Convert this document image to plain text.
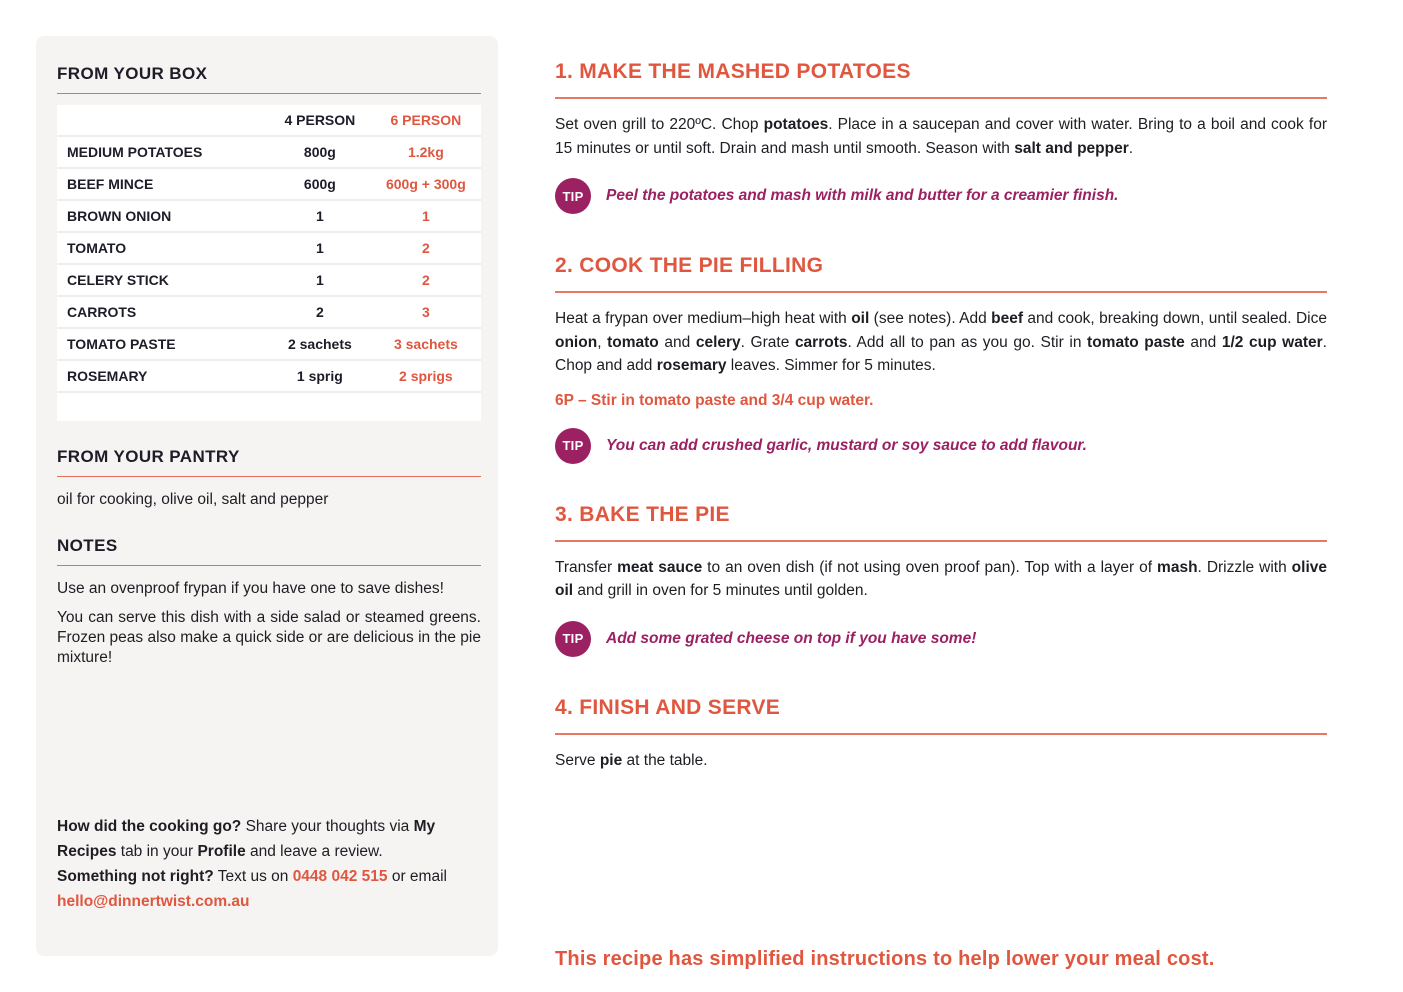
FROM YOUR BOX
	4 PERSON	6 PERSON
MEDIUM POTATOES	800g	1.2kg
BEEF MINCE	600g	600g + 300g
BROWN ONION	1	1
TOMATO	1	2
CELERY STICK	1	2
CARROTS	2	3
TOMATO PASTE	2 sachets	3 sachets
ROSEMARY	1 sprig	2 sprigs
FROM YOUR PANTRY

oil for cooking, olive oil, salt and pepper

NOTES

Use an ovenproof frypan if you have one to save dishes!

You can serve this dish with a side salad or steamed greens. Frozen peas also make a quick side or are delicious in the pie mixture!

How did the cooking go? Share your thoughts via My Recipes tab in your Profile and leave a review.

Something not right? Text us on 0448 042 515 or email hello@dinnertwist.com.au

1. MAKE THE MASHED POTATOES

Set oven grill to 220ºC. Chop potatoes. Place in a saucepan and cover with water. Bring to a boil and cook for 15 minutes or until soft. Drain and mash until smooth. Season with salt and pepper.

TIP	Peel the potatoes and mash with milk and butter for a creamier finish.
2. COOK THE PIE FILLING

Heat a frypan over medium–high heat with oil (see notes). Add beef and cook, breaking down, until sealed. Dice onion, tomato and celery. Grate carrots. Add all to pan as you go. Stir in tomato paste and 1/2 cup water. Chop and add rosemary leaves. Simmer for 5 minutes.

6P – Stir in tomato paste and 3/4 cup water.

TIP	You can add crushed garlic, mustard or soy sauce to add flavour.
3. BAKE THE PIE

Transfer meat sauce to an oven dish (if not using oven proof pan). Top with a layer of mash. Drizzle with olive oil and grill in oven for 5 minutes until golden.

TIP	Add some grated cheese on top if you have some!
4. FINISH AND SERVE

Serve pie at the table.

This recipe has simplified instructions to help lower your meal cost.
